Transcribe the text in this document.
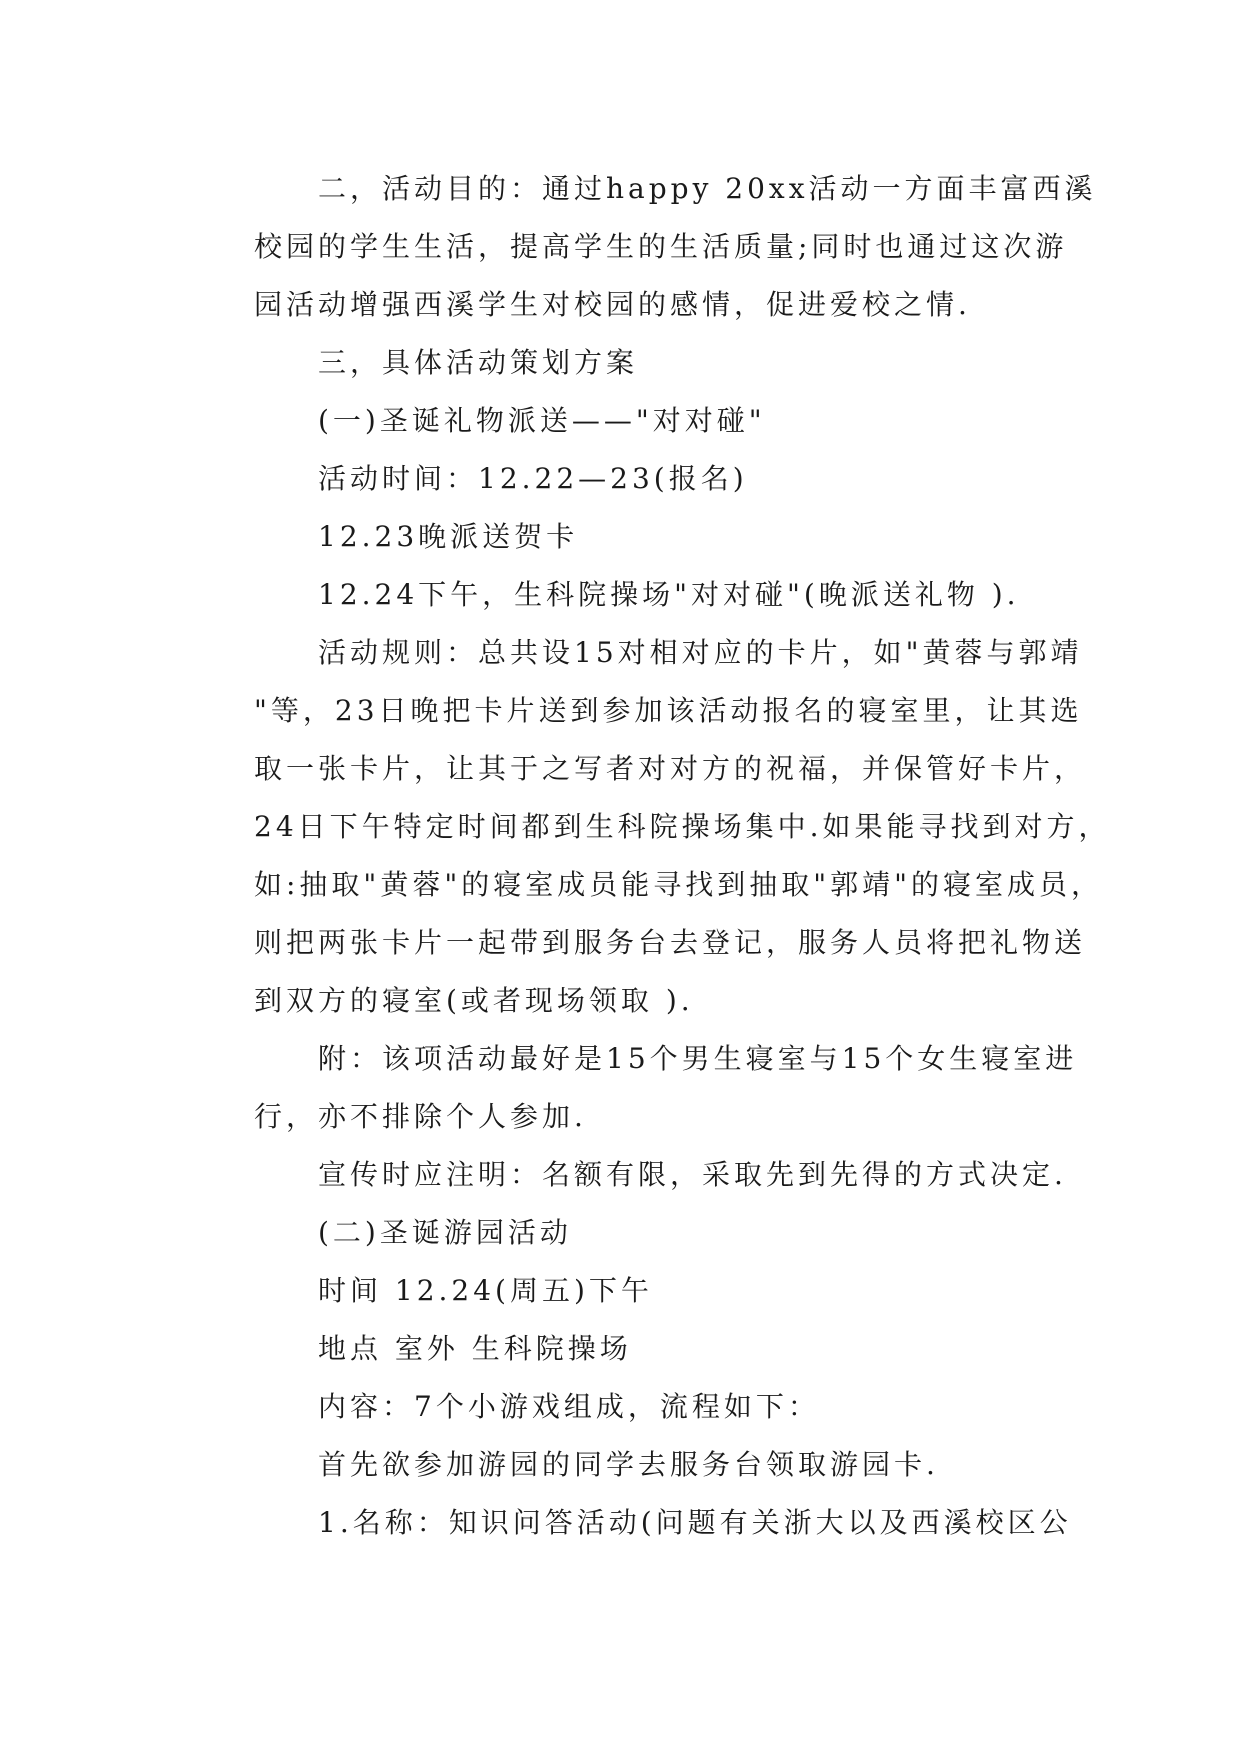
二，活动目的：通过happy 20xx活动一方面丰富西溪
校园的学生生活，提高学生的生活质量;同时也通过这次游
园活动增强西溪学生对校园的感情，促进爱校之情.

三，具体活动策划方案

(一)圣诞礼物派送——"对对碰"

活动时间：12.22—23(报名)

12.23晚派送贺卡

12.24下午，生科院操场"对对碰"(晚派送礼物 ).

活动规则：总共设15对相对应的卡片，如"黄蓉与郭靖
"等，23日晚把卡片送到参加该活动报名的寝室里，让其选
取一张卡片，让其于之写者对对方的祝福，并保管好卡片，
24日下午特定时间都到生科院操场集中.如果能寻找到对方，
如:抽取"黄蓉"的寝室成员能寻找到抽取"郭靖"的寝室成员，
则把两张卡片一起带到服务台去登记，服务人员将把礼物送
到双方的寝室(或者现场领取 ).

附：该项活动最好是15个男生寝室与15个女生寝室进
行，亦不排除个人参加.

宣传时应注明：名额有限，采取先到先得的方式决定.

(二)圣诞游园活动

时间 12.24(周五)下午

地点 室外 生科院操场

内容：7个小游戏组成，流程如下：

首先欲参加游园的同学去服务台领取游园卡.

1.名称：知识问答活动(问题有关浙大以及西溪校区公
